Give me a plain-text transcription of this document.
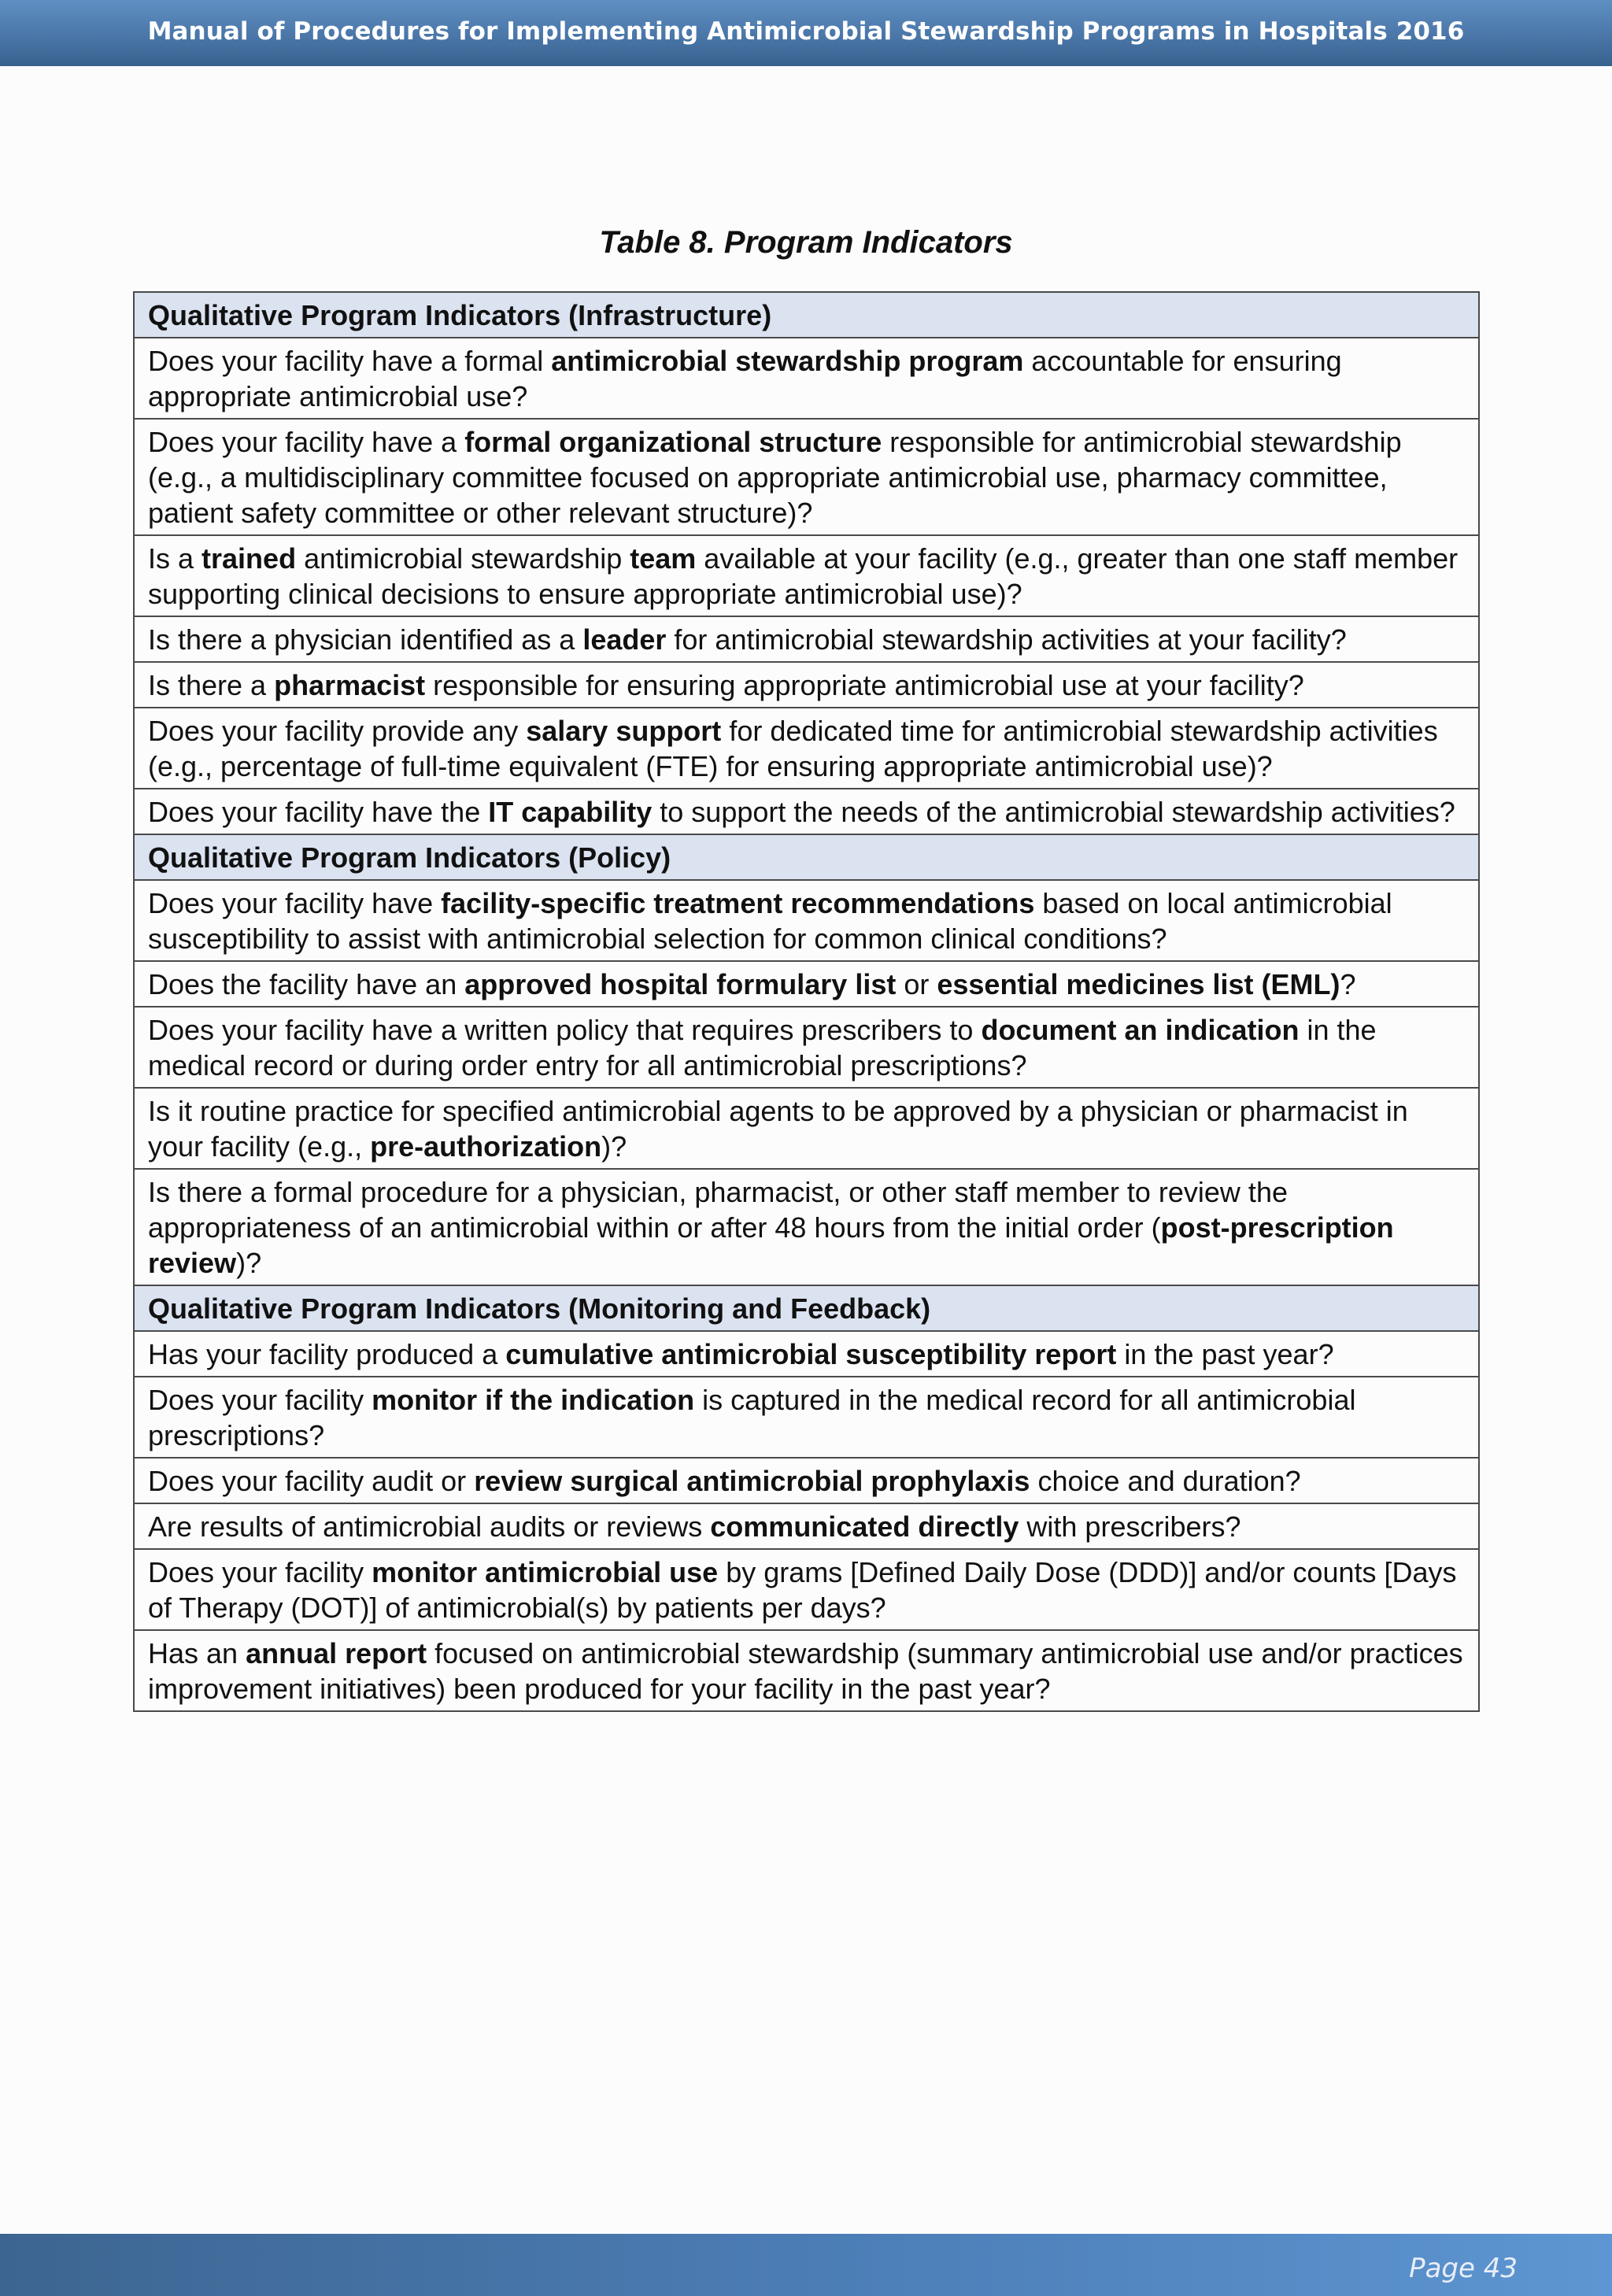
Manual of Procedures for Implementing Antimicrobial Stewardship Programs in Hospitals 2016
Table 8. Program Indicators
Qualitative Program Indicators (Infrastructure)
Does your facility have a formal antimicrobial stewardship program accountable for ensuring appropriate antimicrobial use?
Does your facility have a formal organizational structure responsible for antimicrobial stewardship (e.g., a multidisciplinary committee focused on appropriate antimicrobial use, pharmacy committee, patient safety committee or other relevant structure)?
Is a trained antimicrobial stewardship team available at your facility (e.g., greater than one staff member supporting clinical decisions to ensure appropriate antimicrobial use)?
Is there a physician identified as a leader for antimicrobial stewardship activities at your facility?
Is there a pharmacist responsible for ensuring appropriate antimicrobial use at your facility?
Does your facility provide any salary support for dedicated time for antimicrobial stewardship activities (e.g., percentage of full-time equivalent (FTE) for ensuring appropriate antimicrobial use)?
Does your facility have the IT capability to support the needs of the antimicrobial stewardship activities?
Qualitative Program Indicators (Policy)
Does your facility have facility-specific treatment recommendations based on local antimicrobial susceptibility to assist with antimicrobial selection for common clinical conditions?
Does the facility have an approved hospital formulary list or essential medicines list (EML)?
Does your facility have a written policy that requires prescribers to document an indication in the medical record or during order entry for all antimicrobial prescriptions?
Is it routine practice for specified antimicrobial agents to be approved by a physician or pharmacist in your facility (e.g., pre-authorization)?
Is there a formal procedure for a physician, pharmacist, or other staff member to review the appropriateness of an antimicrobial within or after 48 hours from the initial order (post-prescription review)?
Qualitative Program Indicators (Monitoring and Feedback)
Has your facility produced a cumulative antimicrobial susceptibility report in the past year?
Does your facility monitor if the indication is captured in the medical record for all antimicrobial prescriptions?
Does your facility audit or review surgical antimicrobial prophylaxis choice and duration?
Are results of antimicrobial audits or reviews communicated directly with prescribers?
Does your facility monitor antimicrobial use by grams [Defined Daily Dose (DDD)] and/or counts [Days of Therapy (DOT)] of antimicrobial(s) by patients per days?
Has an annual report focused on antimicrobial stewardship (summary antimicrobial use and/or practices improvement initiatives) been produced for your facility in the past year?
Page 43
